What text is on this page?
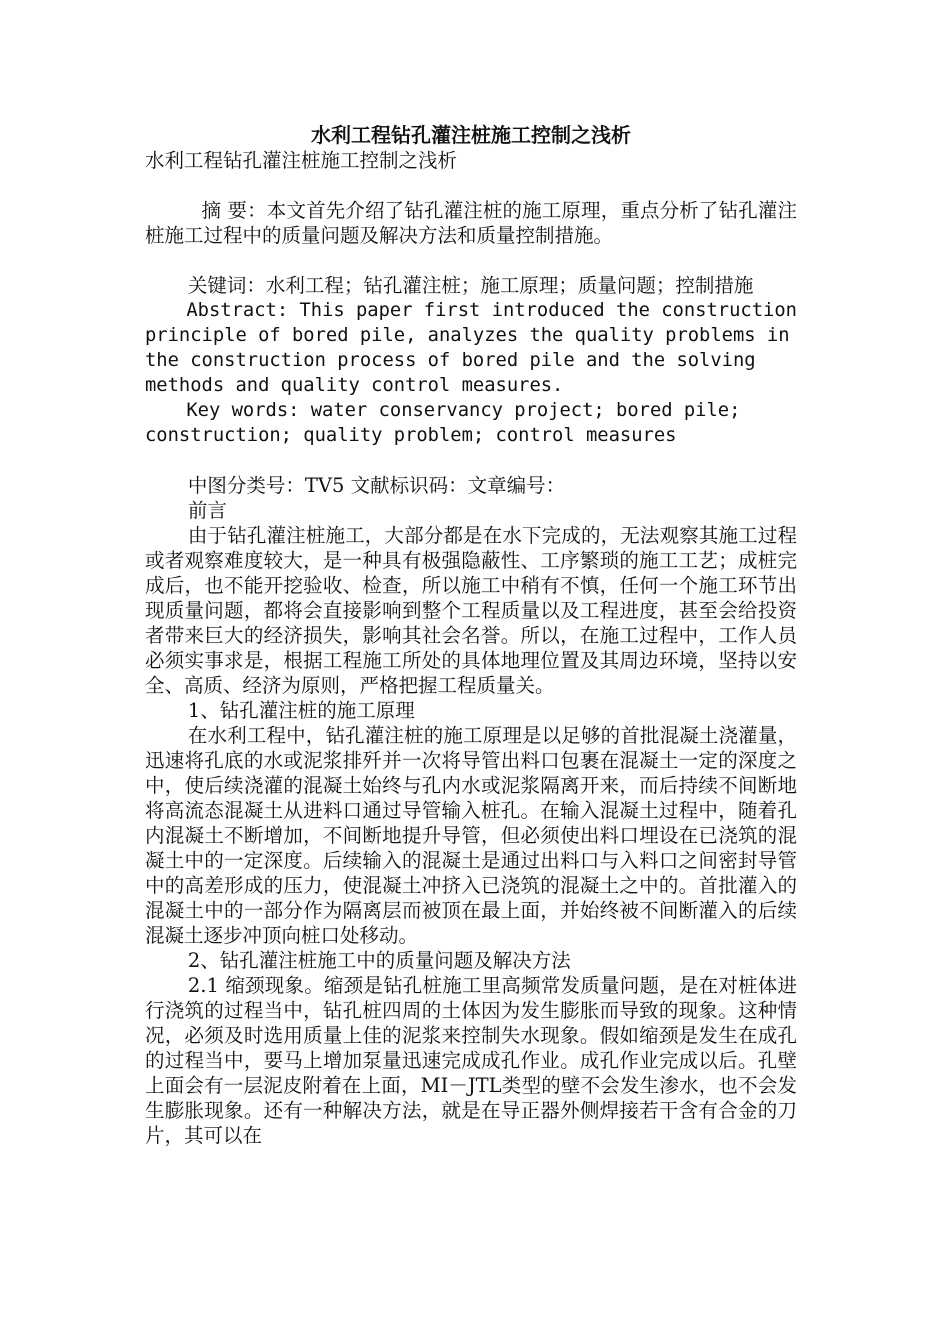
水利工程钻孔灌注桩施工控制之浅析

水利工程钻孔灌注桩施工控制之浅析

摘 要：本文首先介绍了钻孔灌注桩的施工原理，重点分析了钻孔灌注桩施工过程中的质量问题及解决方法和质量控制措施。

关键词：水利工程；钻孔灌注桩；施工原理；质量问题；控制措施

Abstract: This paper first introduced the construction principle of bored pile, analyzes the quality problems in the construction process of bored pile and the solving methods and quality control measures.

Key words: water conservancy project; bored pile; construction; quality problem; control measures

中图分类号：TV5 文献标识码：文章编号：

前言

由于钻孔灌注桩施工，大部分都是在水下完成的，无法观察其施工过程或者观察难度较大，是一种具有极强隐蔽性、工序繁琐的施工工艺；成桩完成后，也不能开挖验收、检查，所以施工中稍有不慎，任何一个施工环节出现质量问题，都将会直接影响到整个工程质量以及工程进度，甚至会给投资者带来巨大的经济损失，影响其社会名誉。所以，在施工过程中，工作人员必须实事求是，根据工程施工所处的具体地理位置及其周边环境，坚持以安全、高质、经济为原则，严格把握工程质量关。

1、钻孔灌注桩的施工原理

在水利工程中，钻孔灌注桩的施工原理是以足够的首批混凝土浇灌量，迅速将孔底的水或泥浆排歼并一次将导管出料口包裹在混凝土一定的深度之中，使后续浇灌的混凝土始终与孔内水或泥浆隔离开来，而后持续不间断地将高流态混凝土从进料口通过导管输入桩孔。在输入混凝土过程中，随着孔内混凝土不断增加，不间断地提升导管，但必须使出料口埋设在已浇筑的混凝土中的一定深度。后续输入的混凝土是通过出料口与入料口之间密封导管中的高差形成的压力，使混凝土冲挤入已浇筑的混凝土之中的。首批灌入的混凝土中的一部分作为隔离层而被顶在最上面，并始终被不间断灌入的后续混凝土逐步冲顶向桩口处移动。

2、钻孔灌注桩施工中的质量问题及解决方法

2.1 缩颈现象。缩颈是钻孔桩施工里高频常发质量问题，是在对桩体进行浇筑的过程当中，钻孔桩四周的土体因为发生膨胀而导致的现象。这种情况，必须及时选用质量上佳的泥浆来控制失水现象。假如缩颈是发生在成孔的过程当中，要马上增加泵量迅速完成成孔作业。成孔作业完成以后。孔壁上面会有一层泥皮附着在上面，MI－JTL类型的壁不会发生渗水，也不会发生膨胀现象。还有一种解决方法，就是在导正器外侧焊接若干含有合金的刀片，其可以在
